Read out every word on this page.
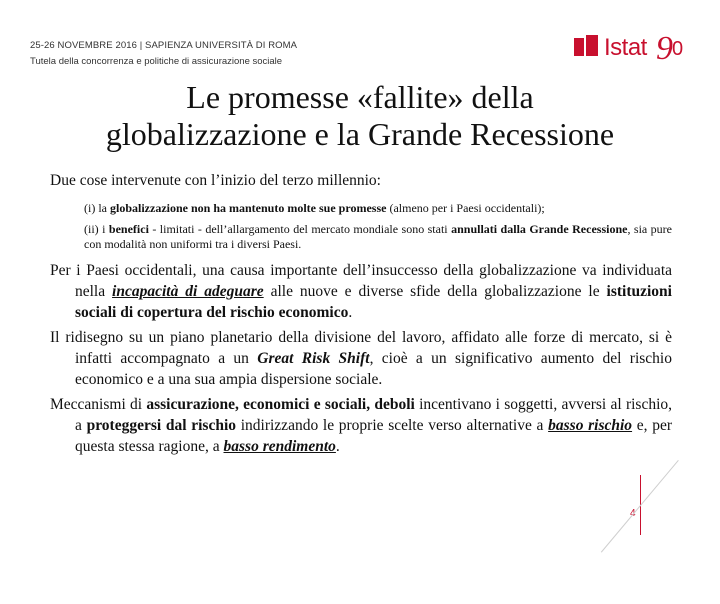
25-26 NOVEMBRE 2016 | SAPIENZA UNIVERSITÀ DI ROMA
Tutela della concorrenza e politiche di assicurazione sociale
Istat 9 0
Le promesse «fallite» della
globalizzazione e la Grande Recessione

Due cose intervenute con l’inizio del terzo millennio:

(i) la globalizzazione non ha mantenuto molte sue promesse (almeno per i Paesi occidentali);

(ii) i benefici - limitati - dell’allargamento del mercato mondiale sono stati annullati dalla Grande Recessione, sia pure con modalità non uniformi tra i diversi Paesi.

Per i Paesi occidentali, una causa importante dell’insuccesso della globalizzazione va individuata nella incapacità di adeguare alle nuove e diverse sfide della globalizzazione le istituzioni sociali di copertura del rischio economico.

Il ridisegno su un piano planetario della divisione del lavoro, affidato alle forze di mercato, si è infatti accompagnato a un Great Risk Shift, cioè a un significativo aumento del rischio economico e a una sua ampia dispersione sociale.

Meccanismi di assicurazione, economici e sociali, deboli incentivano i soggetti, avversi al rischio, a proteggersi dal rischio indirizzando le proprie scelte verso alternative a basso rischio e, per questa stessa ragione, a basso rendimento.

4
